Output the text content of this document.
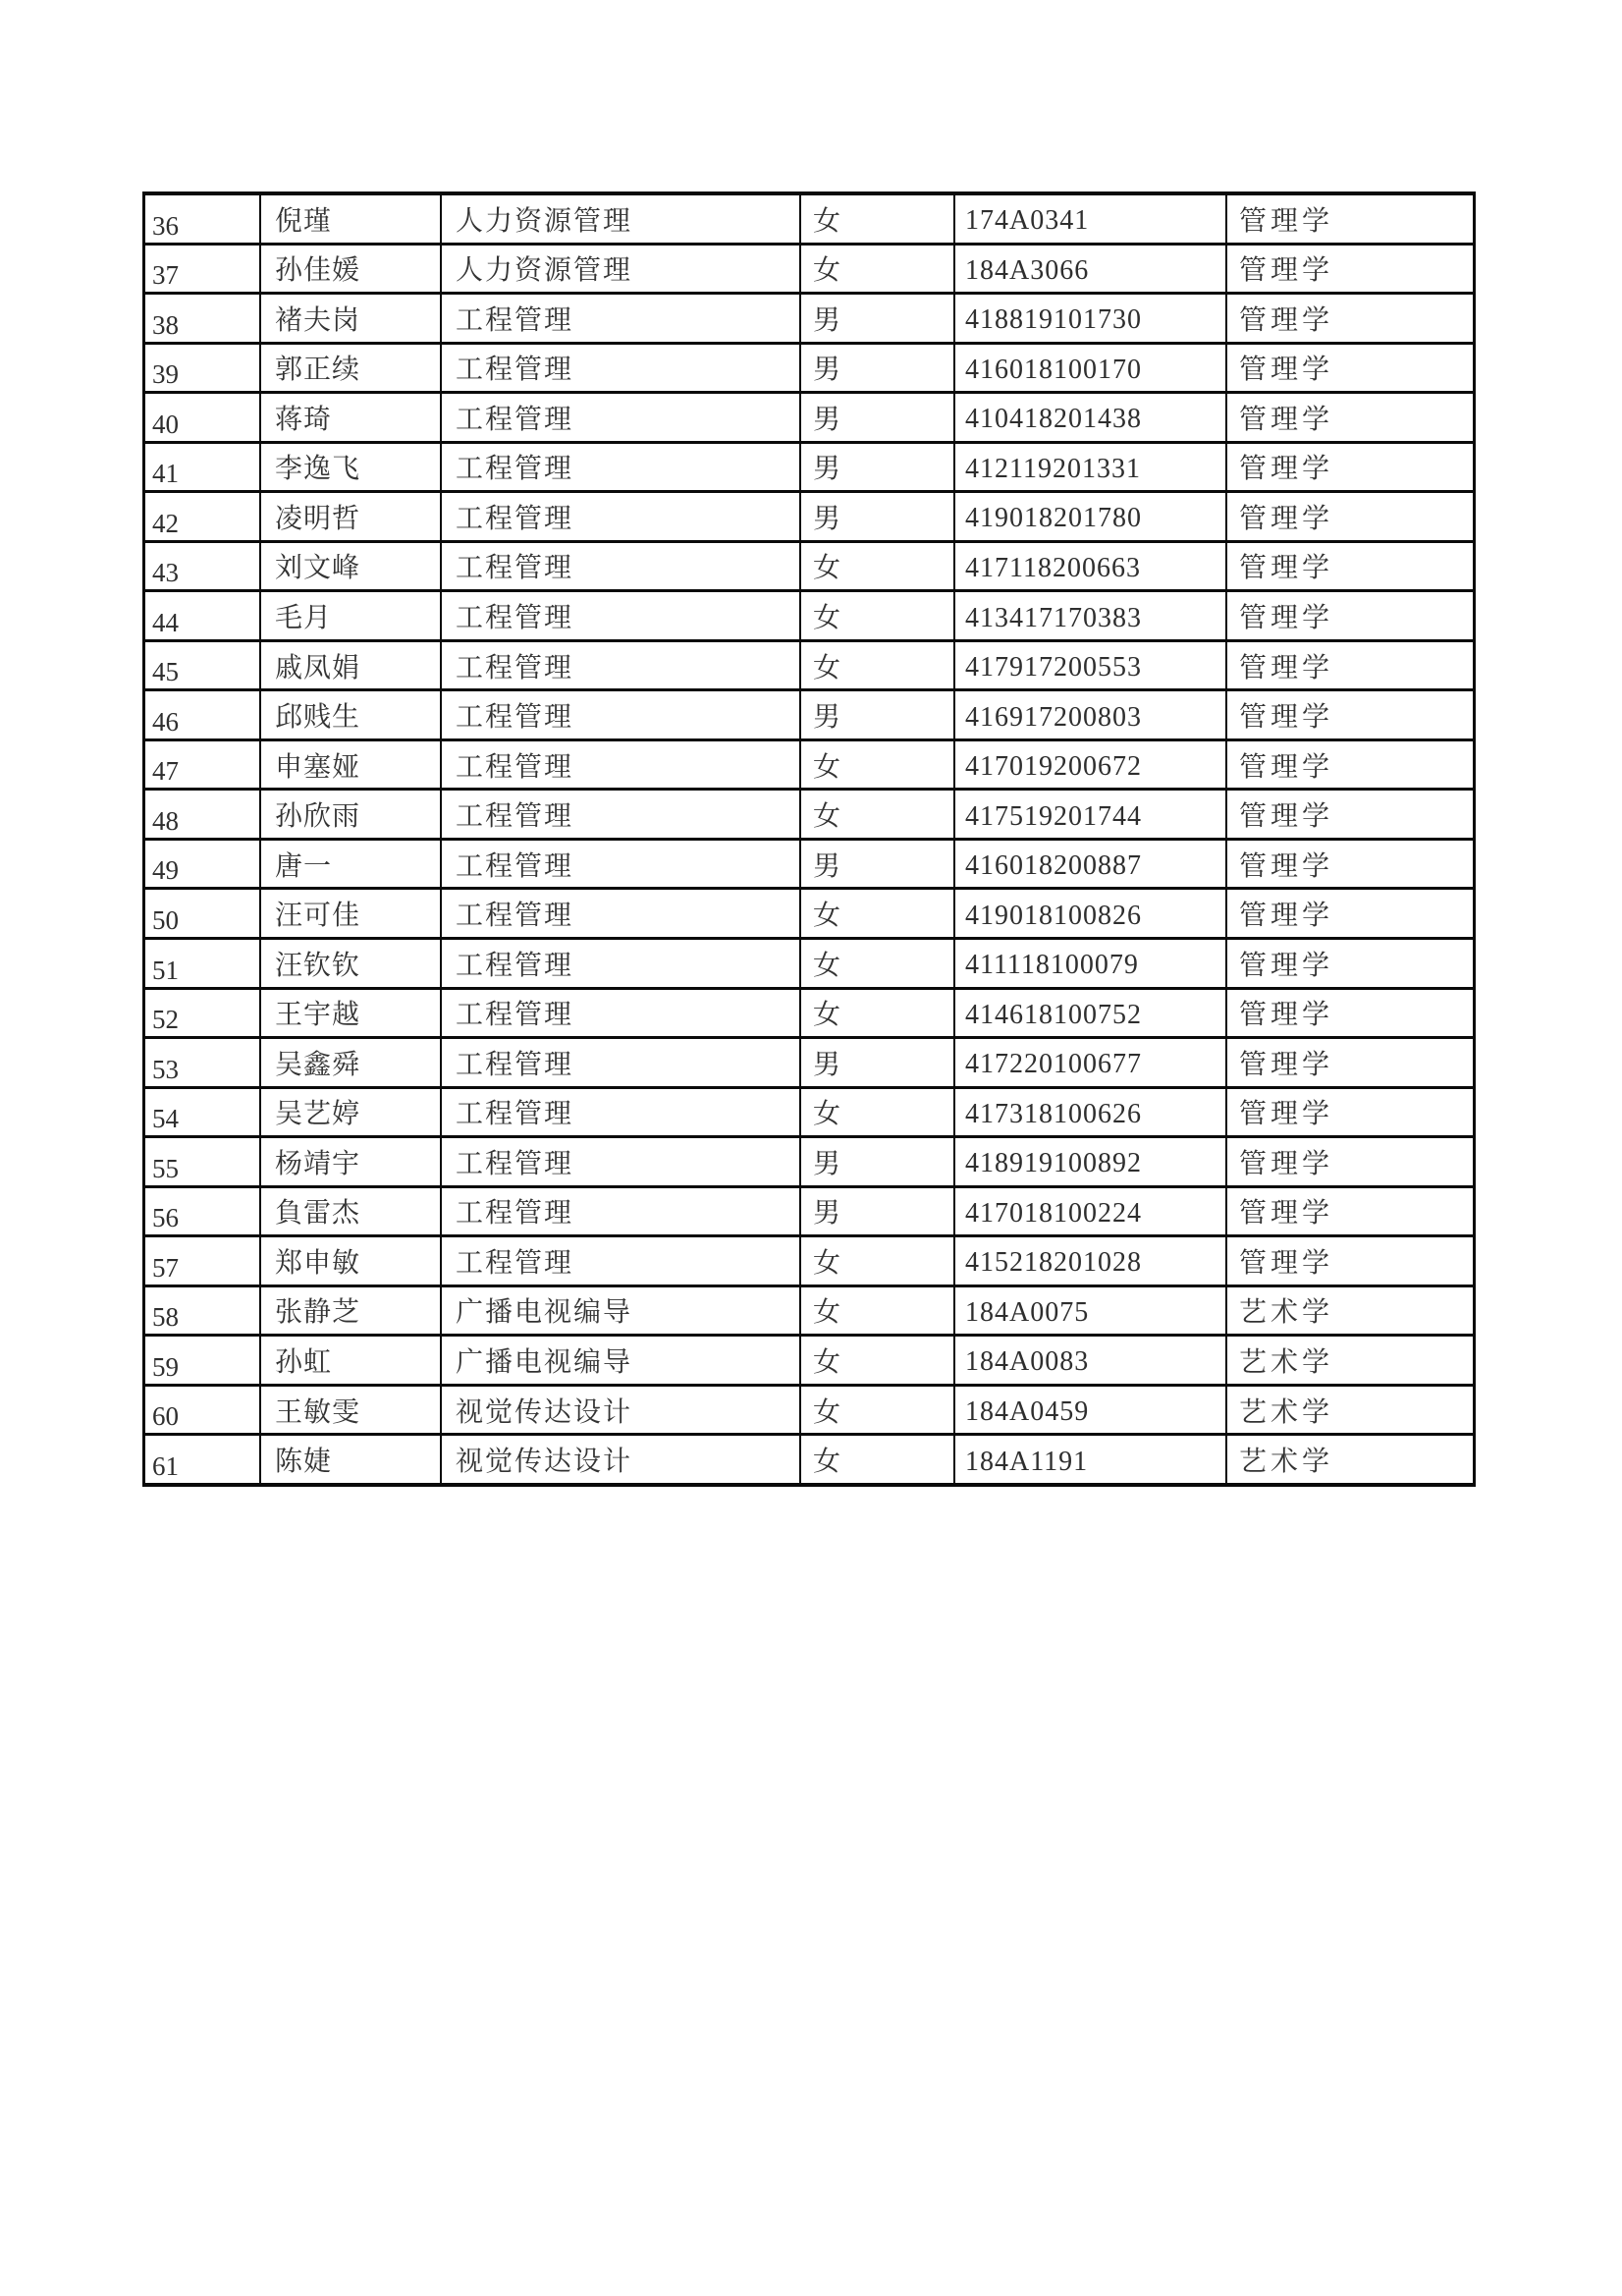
36	倪瑾	人力资源管理	女	174A0341	管理学
37	孙佳媛	人力资源管理	女	184A3066	管理学
38	褚夫岗	工程管理	男	418819101730	管理学
39	郭正续	工程管理	男	416018100170	管理学
40	蒋琦	工程管理	男	410418201438	管理学
41	李逸飞	工程管理	男	412119201331	管理学
42	凌明哲	工程管理	男	419018201780	管理学
43	刘文峰	工程管理	女	417118200663	管理学
44	毛月	工程管理	女	413417170383	管理学
45	戚凤娟	工程管理	女	417917200553	管理学
46	邱贱生	工程管理	男	416917200803	管理学
47	申塞娅	工程管理	女	417019200672	管理学
48	孙欣雨	工程管理	女	417519201744	管理学
49	唐一	工程管理	男	416018200887	管理学
50	汪可佳	工程管理	女	419018100826	管理学
51	汪钦钦	工程管理	女	411118100079	管理学
52	王宇越	工程管理	女	414618100752	管理学
53	吴鑫舜	工程管理	男	417220100677	管理学
54	吴艺婷	工程管理	女	417318100626	管理学
55	杨靖宇	工程管理	男	418919100892	管理学
56	負雷杰	工程管理	男	417018100224	管理学
57	郑申敏	工程管理	女	415218201028	管理学
58	张静芝	广播电视编导	女	184A0075	艺术学
59	孙虹	广播电视编导	女	184A0083	艺术学
60	王敏雯	视觉传达设计	女	184A0459	艺术学
61	陈婕	视觉传达设计	女	184A1191	艺术学
